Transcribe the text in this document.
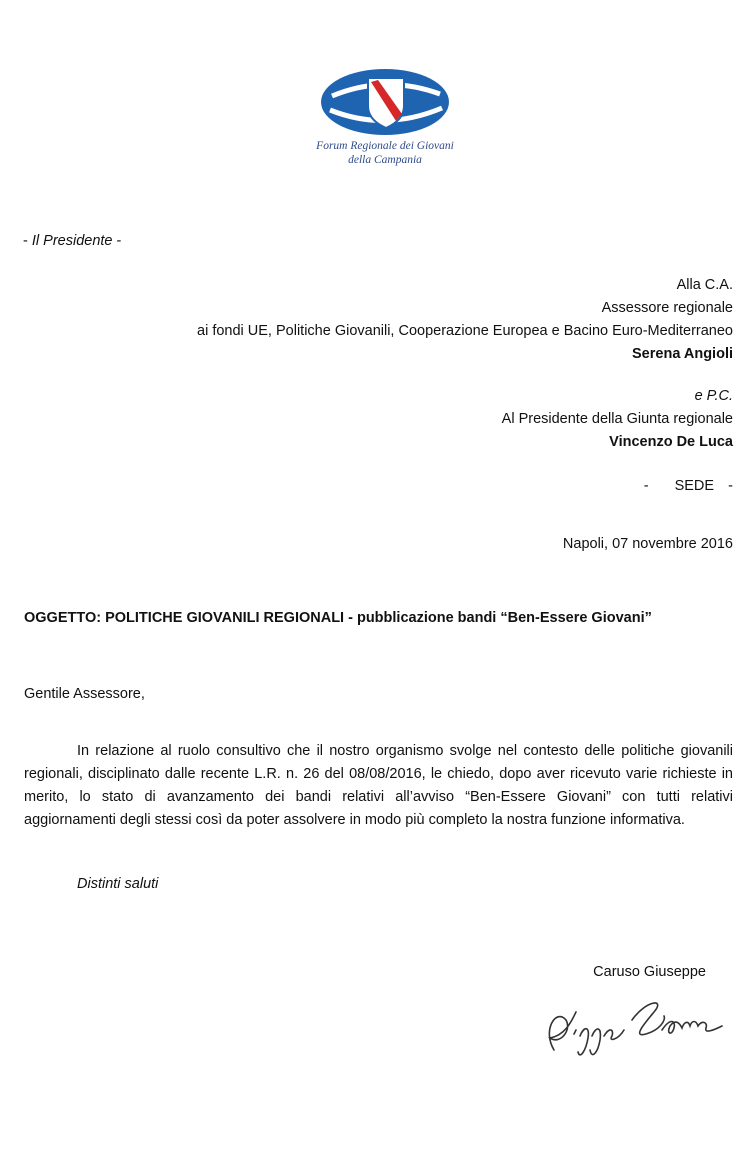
Forum Regionale dei Giovani
della Campania
- Il Presidente -
Alla C.A.
Assessore regionale
ai fondi UE, Politiche Giovanili, Cooperazione Europea e Bacino Euro-Mediterraneo
Serena Angioli
e P.C.
Al Presidente della Giunta regionale
Vincenzo De Luca
- SEDE -
Napoli, 07 novembre 2016
OGGETTO: POLITICHE GIOVANILI REGIONALI - pubblicazione bandi “Ben-Essere Giovani”
Gentile Assessore,
In relazione al ruolo consultivo che il nostro organismo svolge nel contesto delle politiche giovanili regionali, disciplinato dalle recente L.R. n. 26 del 08/08/2016, le chiedo, dopo aver ricevuto varie richieste in merito, lo stato di avanzamento dei bandi relativi all’avviso “Ben-Essere Giovani” con tutti relativi aggiornamenti degli stessi così da poter assolvere in modo più completo la nostra funzione informativa.
Distinti saluti
Caruso Giuseppe
